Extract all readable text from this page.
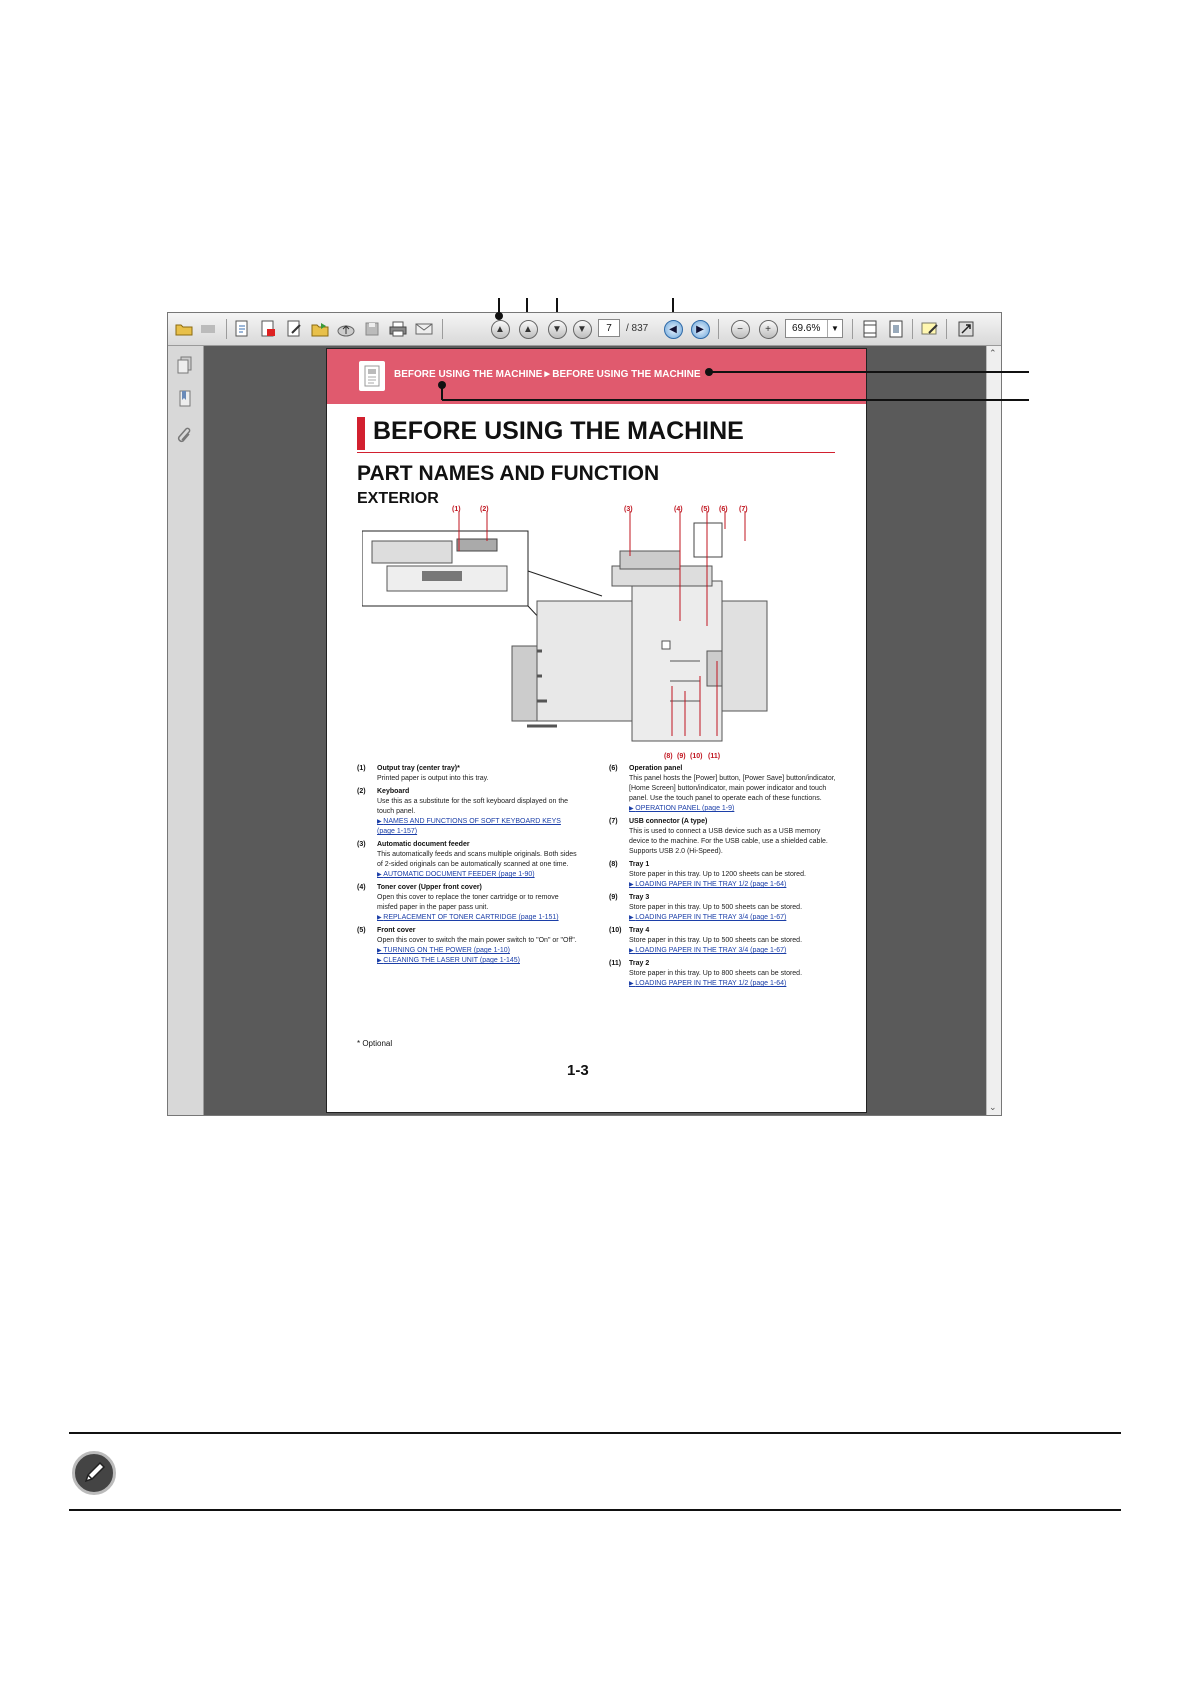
▲	▲	▼	▼	7	/ 837	◀	▶	−	+	69.6%	▼
⌃
⌄
BEFORE USING THE MACHINE►BEFORE USING THE MACHINE
BEFORE USING THE MACHINE
PART NAMES AND FUNCTION
EXTERIOR
(1)	(2)	(3)	(4)	(5) (6) (7)
(8) (9) (10) (11)
(1)	Output tray (center tray)*
Printed paper is output into this tray.
(2)	Keyboard
Use this as a substitute for the soft keyboard displayed on the touch panel.
▶ NAMES AND FUNCTIONS OF SOFT KEYBOARD KEYS (page 1-157)
(3)	Automatic document feeder
This automatically feeds and scans multiple originals. Both sides of 2-sided originals can be automatically scanned at one time.
▶ AUTOMATIC DOCUMENT FEEDER (page 1-90)
(4)	Toner cover (Upper front cover)
Open this cover to replace the toner cartridge or to remove misfed paper in the paper pass unit.
▶ REPLACEMENT OF TONER CARTRIDGE (page 1-151)
(5)	Front cover
Open this cover to switch the main power switch to "On" or "Off".
▶ TURNING ON THE POWER (page 1-10)
▶ CLEANING THE LASER UNIT (page 1-145)
(6)	Operation panel
This panel hosts the [Power] button, [Power Save] button/indicator, [Home Screen] button/indicator, main power indicator and touch panel. Use the touch panel to operate each of these functions.
▶ OPERATION PANEL (page 1-9)
(7)	USB connector (A type)
This is used to connect a USB device such as a USB memory device to the machine. For the USB cable, use a shielded cable. Supports USB 2.0 (Hi-Speed).
(8)	Tray 1
Store paper in this tray. Up to 1200 sheets can be stored.
▶ LOADING PAPER IN THE TRAY 1/2 (page 1-64)
(9)	Tray 3
Store paper in this tray. Up to 500 sheets can be stored.
▶ LOADING PAPER IN THE TRAY 3/4 (page 1-67)
(10)	Tray 4
Store paper in this tray. Up to 500 sheets can be stored.
▶ LOADING PAPER IN THE TRAY 3/4 (page 1-67)
(11)	Tray 2
Store paper in this tray. Up to 800 sheets can be stored.
▶ LOADING PAPER IN THE TRAY 1/2 (page 1-64)
* Optional
1-3
